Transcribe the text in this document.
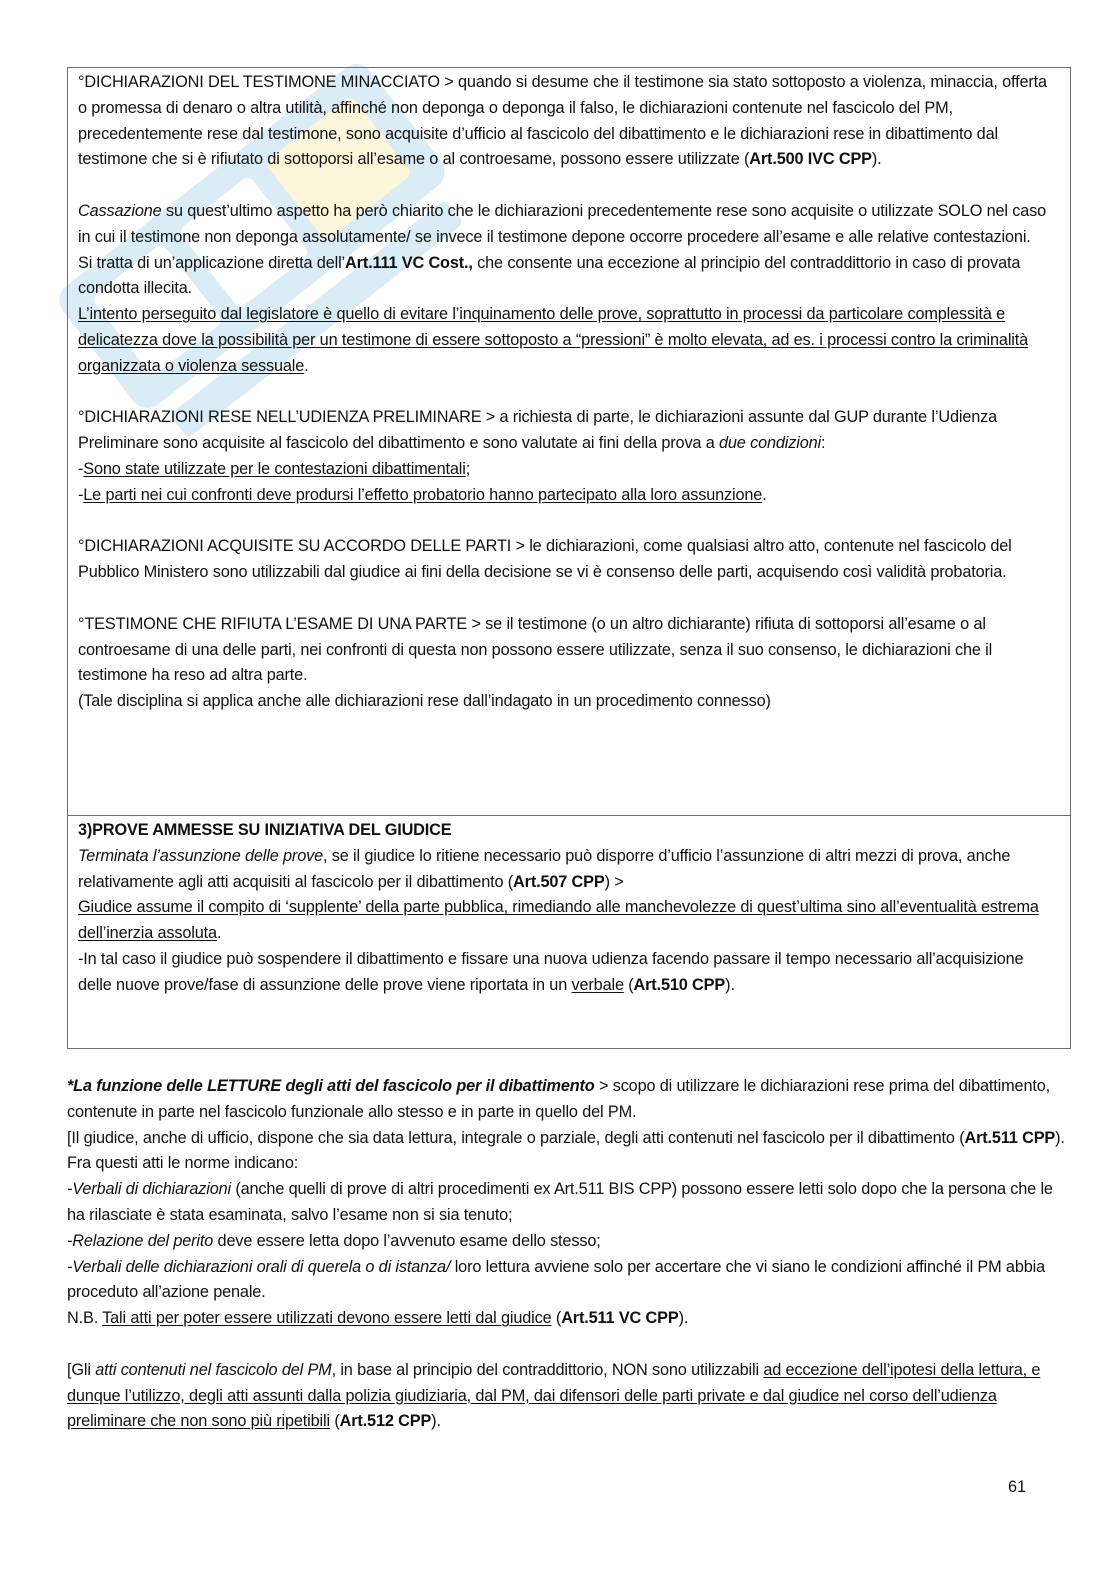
°DICHIARAZIONI DEL TESTIMONE MINACCIATO > quando si desume che il testimone sia stato sottoposto a violenza, minaccia, offerta o promessa di denaro o altra utilità, affinché non deponga o deponga il falso, le dichiarazioni contenute nel fascicolo del PM, precedentemente rese dal testimone, sono acquisite d’ufficio al fascicolo del dibattimento e le dichiarazioni rese in dibattimento dal testimone che si è rifiutato di sottoporsi all’esame o al controesame, possono essere utilizzate (Art.500 IVC CPP).

Cassazione su quest’ultimo aspetto ha però chiarito che le dichiarazioni precedentemente rese sono acquisite o utilizzate SOLO nel caso in cui il testimone non deponga assolutamente/ se invece il testimone depone occorre procedere all’esame e alle relative contestazioni.

Si tratta di un’applicazione diretta dell’Art.111 VC Cost., che consente una eccezione al principio del contraddittorio in caso di provata condotta illecita.

L’intento perseguito dal legislatore è quello di evitare l’inquinamento delle prove, soprattutto in processi da particolare complessità e delicatezza dove la possibilità per un testimone di essere sottoposto a “pressioni” è molto elevata, ad es. i processi contro la criminalità organizzata o violenza sessuale.

°DICHIARAZIONI RESE NELL’UDIENZA PRELIMINARE > a richiesta di parte, le dichiarazioni assunte dal GUP durante l’Udienza Preliminare sono acquisite al fascicolo del dibattimento e sono valutate ai fini della prova a due condizioni:

-Sono state utilizzate per le contestazioni dibattimentali;

-Le parti nei cui confronti deve prodursi l’effetto probatorio hanno partecipato alla loro assunzione.

°DICHIARAZIONI ACQUISITE SU ACCORDO DELLE PARTI > le dichiarazioni, come qualsiasi altro atto, contenute nel fascicolo del Pubblico Ministero sono utilizzabili dal giudice ai fini della decisione se vi è consenso delle parti, acquisendo così validità probatoria.

°TESTIMONE CHE RIFIUTA L’ESAME DI UNA PARTE > se il testimone (o un altro dichiarante) rifiuta di sottoporsi all’esame o al controesame di una delle parti, nei confronti di questa non possono essere utilizzate, senza il suo consenso, le dichiarazioni che il testimone ha reso ad altra parte.

(Tale disciplina si applica anche alle dichiarazioni rese dall’indagato in un procedimento connesso)

3)PROVE AMMESSE SU INIZIATIVA DEL GIUDICE

Terminata l’assunzione delle prove, se il giudice lo ritiene necessario può disporre d’ufficio l’assunzione di altri mezzi di prova, anche relativamente agli atti acquisiti al fascicolo per il dibattimento (Art.507 CPP) >

Giudice assume il compito di ‘supplente’ della parte pubblica, rimediando alle manchevolezze di quest’ultima sino all’eventualità estrema dell’inerzia assoluta.

-In tal caso il giudice può sospendere il dibattimento e fissare una nuova udienza facendo passare il tempo necessario all’acquisizione delle nuove prove/fase di assunzione delle prove viene riportata in un verbale (Art.510 CPP).

*La funzione delle LETTURE degli atti del fascicolo per il dibattimento > scopo di utilizzare le dichiarazioni rese prima del dibattimento, contenute in parte nel fascicolo funzionale allo stesso e in parte in quello del PM.

[Il giudice, anche di ufficio, dispone che sia data lettura, integrale o parziale, degli atti contenuti nel fascicolo per il dibattimento (Art.511 CPP).

Fra questi atti le norme indicano:

-Verbali di dichiarazioni (anche quelli di prove di altri procedimenti ex Art.511 BIS CPP) possono essere letti solo dopo che la persona che le ha rilasciate è stata esaminata, salvo l’esame non si sia tenuto;

-Relazione del perito deve essere letta dopo l’avvenuto esame dello stesso;

-Verbali delle dichiarazioni orali di querela o di istanza/ loro lettura avviene solo per accertare che vi siano le condizioni affinché il PM abbia proceduto all’azione penale.

N.B. Tali atti per poter essere utilizzati devono essere letti dal giudice (Art.511 VC CPP).

[Gli atti contenuti nel fascicolo del PM, in base al principio del contraddittorio, NON sono utilizzabili ad eccezione dell’ipotesi della lettura, e dunque l’utilizzo, degli atti assunti dalla polizia giudiziaria, dal PM, dai difensori delle parti private e dal giudice nel corso dell’udienza preliminare che non sono più ripetibili (Art.512 CPP).

61
